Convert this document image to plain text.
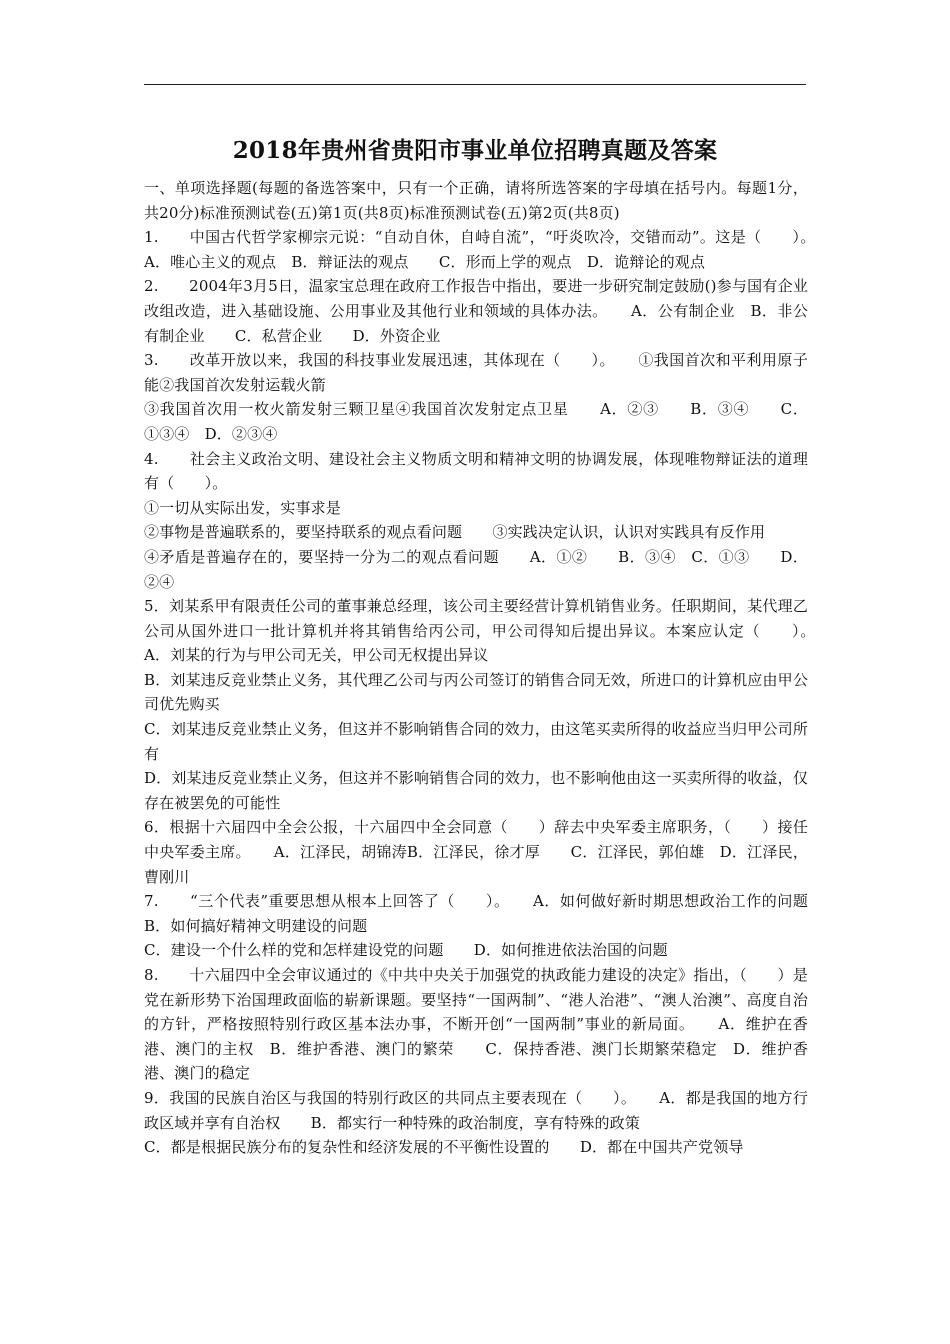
2018年贵州省贵阳市事业单位招聘真题及答案

一、单项选择题(每题的备选答案中，只有一个正确，请将所选答案的字母填在括号内。每题1分，共20分)标准预测试卷(五)第1页(共8页)标准预测试卷(五)第2页(共8页)

1.　　中国古代哲学家柳宗元说：“自动自休，自峙自流”，“吁炎吹冷，交错而动”。这是（　　）。　　A．唯心主义的观点　B．辩证法的观点　　C．形而上学的观点　D．诡辩论的观点

2.　　2004年3月5日，温家宝总理在政府工作报告中指出，要进一步研究制定鼓励()参与国有企业改组改造，进入基础设施、公用事业及其他行业和领域的具体办法。　　A．公有制企业　B．非公有制企业　　C．私营企业　　D．外资企业

3.　　改革开放以来，我国的科技事业发展迅速，其体现在（　　）。　　①我国首次和平利用原子能②我国首次发射运载火箭

③我国首次用一枚火箭发射三颗卫星④我国首次发射定点卫星　　A．②③　　B．③④　　C．①③④　D．②③④

4.　　社会主义政治文明、建设社会主义物质文明和精神文明的协调发展，体现唯物辩证法的道理有（　　）。

①一切从实际出发，实事求是

②事物是普遍联系的，要坚持联系的观点看问题　　③实践决定认识，认识对实践具有反作用

④矛盾是普遍存在的，要坚持一分为二的观点看问题　　A．①②　　B．③④　C．①③　　D．②④

5．刘某系甲有限责任公司的董事兼总经理，该公司主要经营计算机销售业务。任职期间，某代理乙公司从国外进口一批计算机并将其销售给丙公司，甲公司得知后提出异议。本案应认定（　　）。　　A．刘某的行为与甲公司无关，甲公司无权提出异议

B．刘某违反竞业禁止义务，其代理乙公司与丙公司签订的销售合同无效，所进口的计算机应由甲公司优先购买

C．刘某违反竞业禁止义务，但这并不影响销售合同的效力，由这笔买卖所得的收益应当归甲公司所有

D．刘某违反竞业禁止义务，但这并不影响销售合同的效力，也不影响他由这一买卖所得的收益，仅存在被罢免的可能性

6．根据十六届四中全会公报，十六届四中全会同意（　　）辞去中央军委主席职务，（　　）接任中央军委主席。　　A．江泽民，胡锦涛B．江泽民，徐才厚　　C．江泽民，郭伯雄　D．江泽民，曹刚川

7.　　“三个代表”重要思想从根本上回答了（　　）。　　A．如何做好新时期思想政治工作的问题　　B．如何搞好精神文明建设的问题

C．建设一个什么样的党和怎样建设党的问题　　D．如何推进依法治国的问题

8.　　十六届四中全会审议通过的《中共中央关于加强党的执政能力建设的决定》指出，（　　）是党在新形势下治国理政面临的崭新课题。要坚持“一国两制”、“港人治港”、“澳人治澳”、高度自治的方针，严格按照特别行政区基本法办事，不断开创“一国两制”事业的新局面。　　A．维护在香港、澳门的主权　B．维护香港、澳门的繁荣　　C．保持香港、澳门长期繁荣稳定　D．维护香港、澳门的稳定

9．我国的民族自治区与我国的特别行政区的共同点主要表现在（　　）。　　A．都是我国的地方行政区域并享有自治权　　B．都实行一种特殊的政治制度，享有特殊的政策

C．都是根据民族分布的复杂性和经济发展的不平衡性设置的　　D．都在中国共产党领导
